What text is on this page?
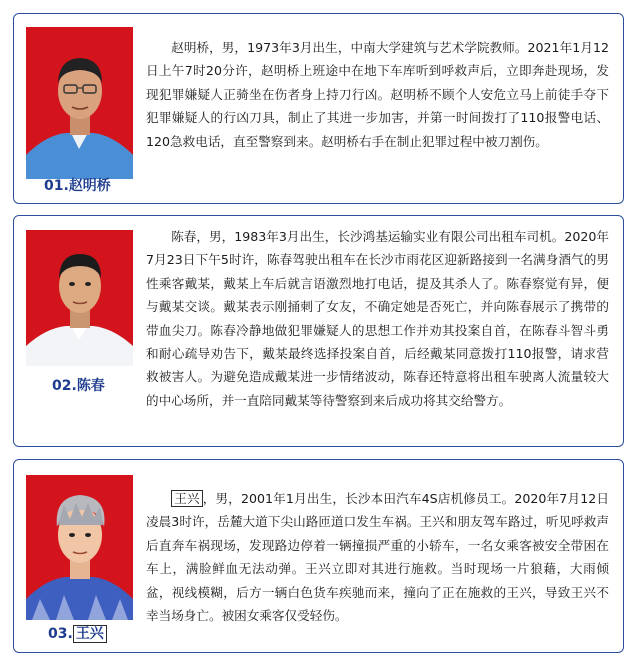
01.赵明桥

赵明桥，男，1973年3月出生，中南大学建筑与艺术学院教师。2021年1月12日上午7时20分许，赵明桥上班途中在地下车库听到呼救声后，立即奔赴现场，发现犯罪嫌疑人正骑坐在伤者身上持刀行凶。赵明桥不顾个人安危立马上前徒手夺下犯罪嫌疑人的行凶刀具，制止了其进一步加害，并第一时间拨打了110报警电话、120急救电话，直至警察到来。赵明桥右手在制止犯罪过程中被刀割伤。

02.陈春

陈春，男，1983年3月出生，长沙鸿基运输实业有限公司出租车司机。2020年7月23日下午5时许，陈春驾驶出租车在长沙市雨花区迎新路接到一名满身酒气的男性乘客戴某，戴某上车后就言语激烈地打电话，提及其杀人了。陈春察觉有异，便与戴某交谈。戴某表示刚捅刺了女友，不确定她是否死亡，并向陈春展示了携带的带血尖刀。陈春冷静地做犯罪嫌疑人的思想工作并劝其投案自首，在陈春斗智斗勇和耐心疏导劝告下，戴某最终选择投案自首，后经戴某同意拨打110报警，请求营救被害人。为避免造成戴某进一步情绪波动，陈春还特意将出租车驶离人流量较大的中心场所，并一直陪同戴某等待警察到来后成功将其交给警方。

03. 王兴

王兴 ，男，2001年1月出生，长沙本田汽车4S店机修员工。2020年7月12日凌晨3时许，岳麓大道下尖山路匝道口发生车祸。王兴和朋友驾车路过，听见呼救声后直奔车祸现场，发现路边停着一辆撞损严重的小轿车，一名女乘客被安全带困在车上，满脸鲜血无法动弹。王兴立即对其进行施救。当时现场一片狼藉，大雨倾盆，视线模糊，后方一辆白色货车疾驰而来，撞向了正在施救的王兴，导致王兴不幸当场身亡。被困女乘客仅受轻伤。
